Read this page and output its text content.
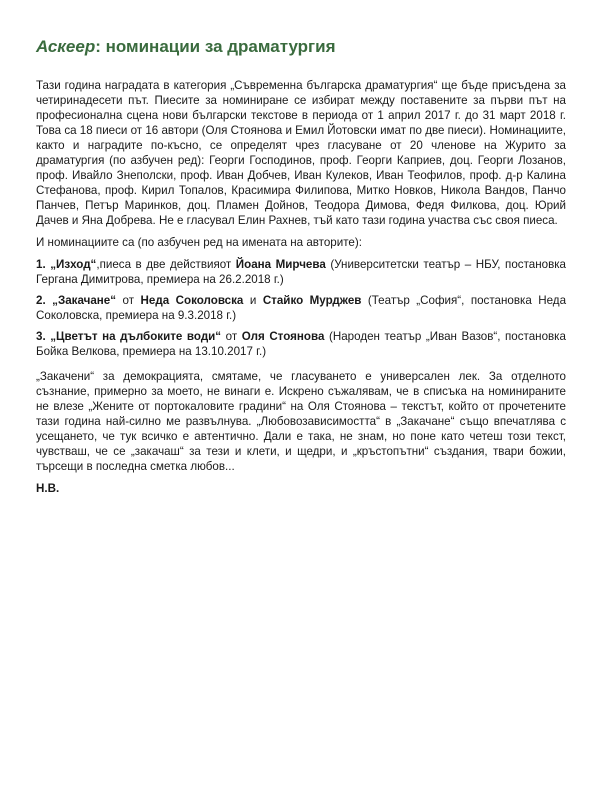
Аскеер: номинации за драматургия

Тази година наградата в категория „Съвременна българска драматургия“ ще бъде присъдена за четиринадесети път. Пиесите за номиниране се избират между поставените за първи път на професионална сцена нови български текстове в периода от 1 април 2017 г. до 31 март 2018 г. Това са 18 пиеси от 16 автори (Оля Стоянова и Емил Йотовски имат по две пиеси). Номинациите, както и наградите по-късно, се определят чрез гласуване от 20 членове на Журито за драматургия (по азбучен ред): Георги Господинов, проф. Георги Каприев, доц. Георги Лозанов, проф. Ивайло Знеполски, проф. Иван Добчев, Иван Кулеков, Иван Теофилов, проф. д-р Калина Стефанова, проф. Кирил Топалов, Красимира Филипова, Митко Новков, Никола Вандов, Панчо Панчев, Петър Маринков, доц. Пламен Дойнов, Теодора Димова, Федя Филкова, доц. Юрий Дачев и Яна Добрева. Не е гласувал Елин Рахнев, тъй като тази година участва със своя пиеса.

И номинациите са (по азбучен ред на имената на авторите):

1. „Изход“,пиеса в две действияот Йоана Мирчева (Университетски театър – НБУ, постановка Гергана Димитрова, премиера на 26.2.2018 г.)

2. „Закачане“ от Неда Соколовска и Стайко Мурджев (Театър „София“, постановка Неда Соколовска, премиера на 9.3.2018 г.)

3. „Цветът на дълбоките води“ от Оля Стоянова (Народен театър „Иван Вазов“, постановка Бойка Велкова, премиера на 13.10.2017 г.)

„Закачени“ за демокрацията, смятаме, че гласуването е универсален лек. За отделното съзнание, примерно за моето, не винаги е. Искрено съжалявам, че в списъка на номинираните не влезе „Жените от портокаловите градини“ на Оля Стоянова – текстът, който от прочетените тази година най-силно ме развълнува. „Любовозависимостта“ в „Закачане“ също впечатлява с усещането, че тук всичко е автентично. Дали е така, не знам, но поне като четеш този текст, чувстваш, че се „закачаш“ за тези и клети, и щедри, и „кръстопътни“ създания, твари божии, търсещи в последна сметка любов...

Н.В.
